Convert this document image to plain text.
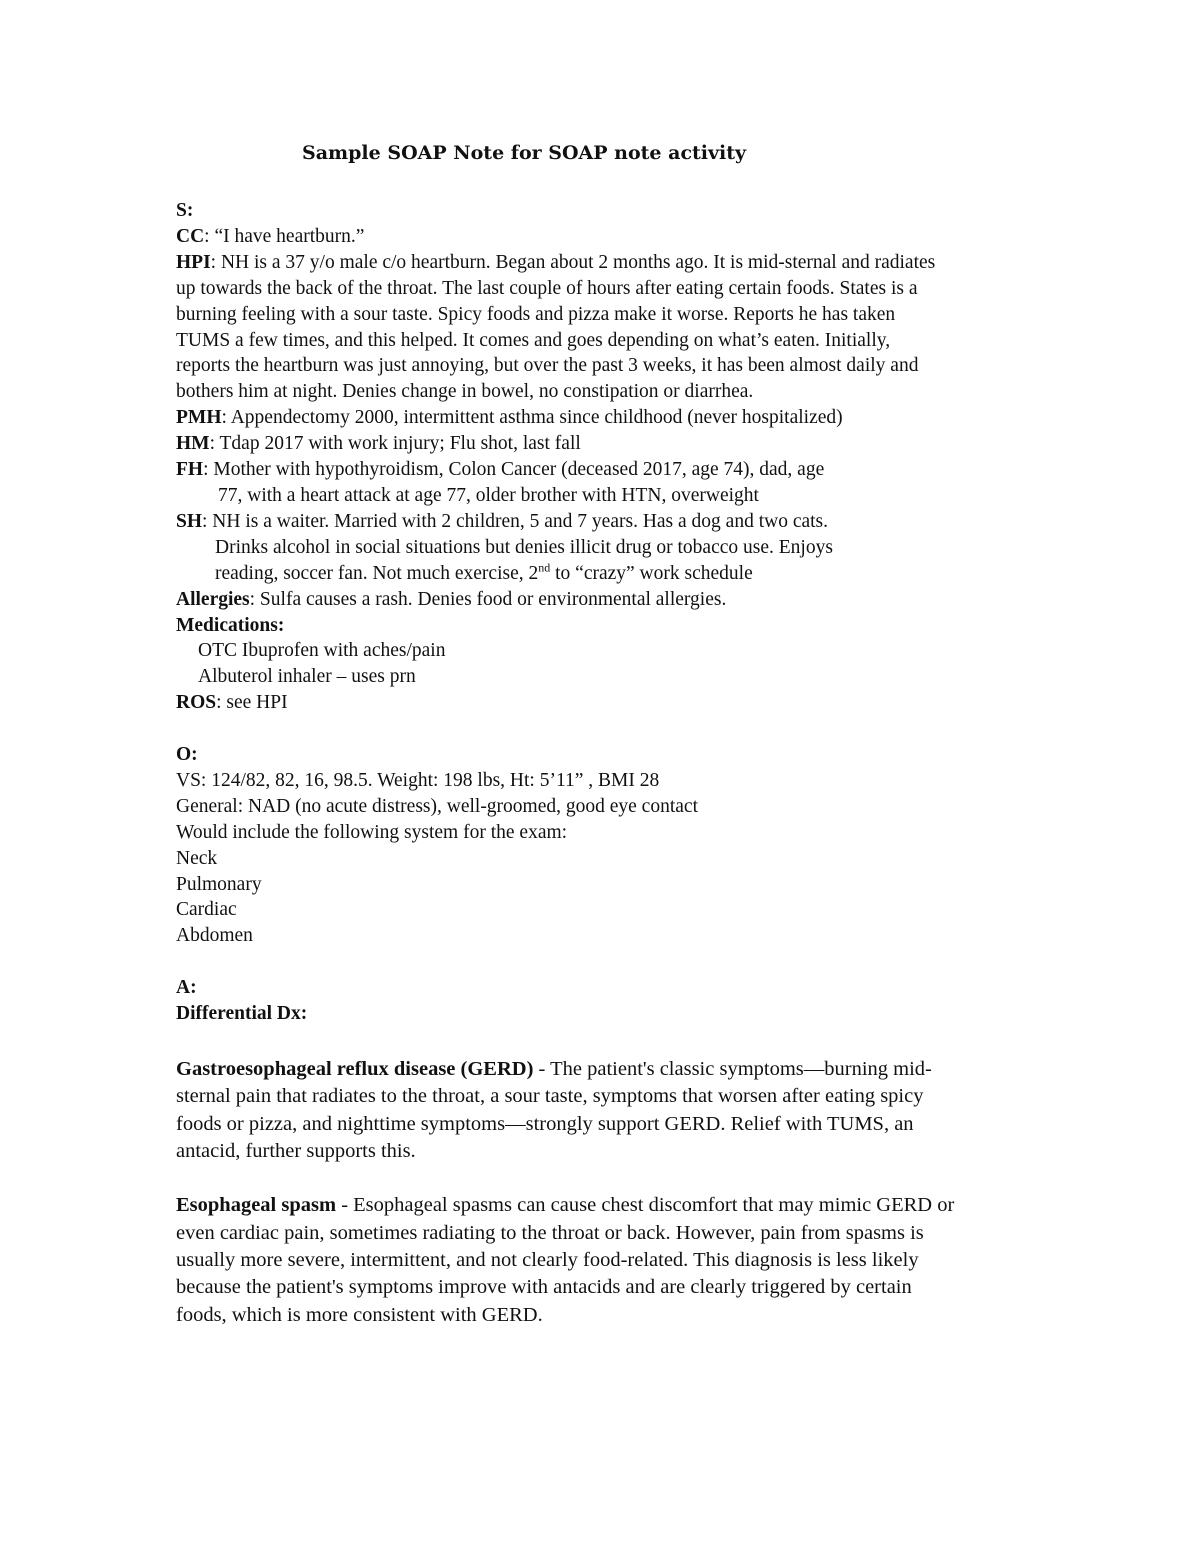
Sample SOAP Note for SOAP note activity
S:
CC: “I have heartburn.”
HPI: NH is a 37 y/o male c/o heartburn. Began about 2 months ago. It is mid-sternal and radiates
up towards the back of the throat. The last couple of hours after eating certain foods. States is a
burning feeling with a sour taste. Spicy foods and pizza make it worse. Reports he has taken
TUMS a few times, and this helped. It comes and goes depending on what’s eaten. Initially,
reports the heartburn was just annoying, but over the past 3 weeks, it has been almost daily and
bothers him at night. Denies change in bowel, no constipation or diarrhea.
PMH: Appendectomy 2000, intermittent asthma since childhood (never hospitalized)
HM: Tdap 2017 with work injury; Flu shot, last fall
FH: Mother with hypothyroidism, Colon Cancer (deceased 2017, age 74), dad, age
77, with a heart attack at age 77, older brother with HTN, overweight
SH: NH is a waiter. Married with 2 children, 5 and 7 years. Has a dog and two cats.
Drinks alcohol in social situations but denies illicit drug or tobacco use. Enjoys
reading, soccer fan. Not much exercise, 2nd to “crazy” work schedule
Allergies: Sulfa causes a rash. Denies food or environmental allergies.
Medications:
OTC Ibuprofen with aches/pain
Albuterol inhaler – uses prn
ROS: see HPI
O:
VS: 124/82, 82, 16, 98.5. Weight: 198 lbs, Ht: 5’11” , BMI 28
General: NAD (no acute distress), well-groomed, good eye contact
Would include the following system for the exam:
Neck
Pulmonary
Cardiac
Abdomen
A:
Differential Dx:
Gastroesophageal reflux disease (GERD) - The patient's classic symptoms—burning mid-
sternal pain that radiates to the throat, a sour taste, symptoms that worsen after eating spicy
foods or pizza, and nighttime symptoms—strongly support GERD. Relief with TUMS, an
antacid, further supports this.
Esophageal spasm - Esophageal spasms can cause chest discomfort that may mimic GERD or
even cardiac pain, sometimes radiating to the throat or back. However, pain from spasms is
usually more severe, intermittent, and not clearly food-related. This diagnosis is less likely
because the patient's symptoms improve with antacids and are clearly triggered by certain
foods, which is more consistent with GERD.
